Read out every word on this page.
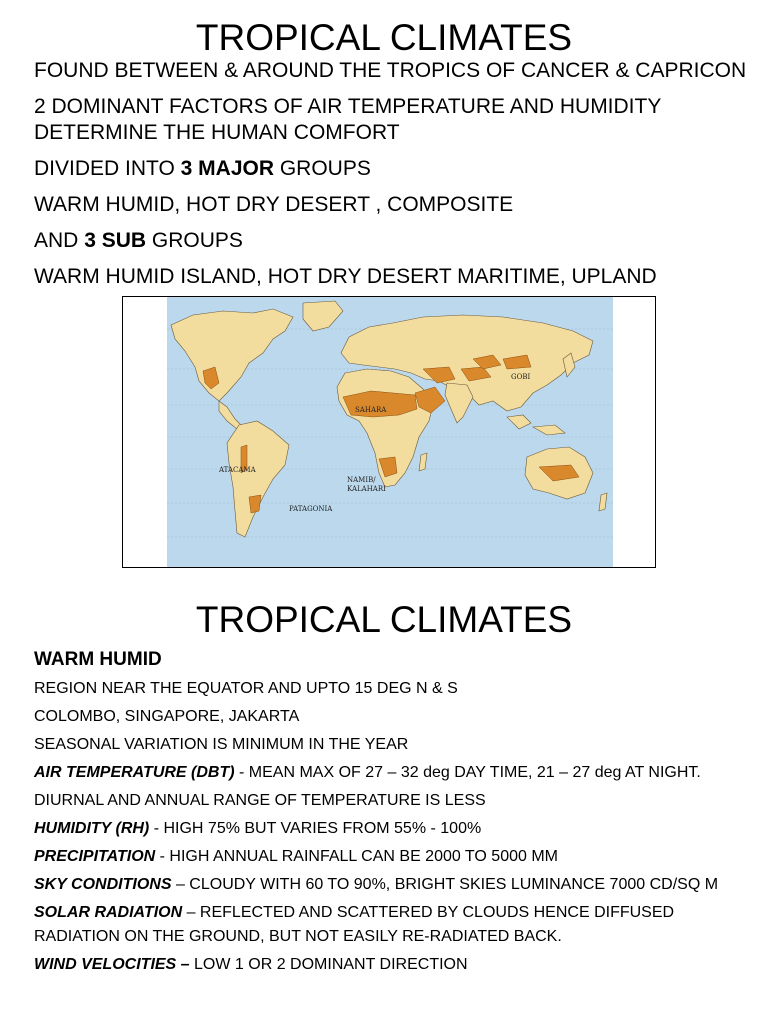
TROPICAL CLIMATES
FOUND BETWEEN & AROUND THE TROPICS OF CANCER & CAPRICON
2 DOMINANT FACTORS OF AIR TEMPERATURE AND HUMIDITY DETERMINE THE HUMAN COMFORT
DIVIDED INTO 3 MAJOR GROUPS
WARM HUMID, HOT DRY DESERT , COMPOSITE
AND 3 SUB GROUPS
WARM HUMID ISLAND, HOT DRY DESERT MARITIME, UPLAND
SAHARA
GOBI
ATACAMA
NAMIB/
KALAHARI
PATAGONIA
TROPICAL CLIMATES
WARM HUMID
REGION NEAR THE EQUATOR AND UPTO 15 DEG N & S
COLOMBO, SINGAPORE, JAKARTA
SEASONAL VARIATION IS MINIMUM IN THE YEAR
AIR TEMPERATURE (DBT) - MEAN MAX OF 27 – 32 deg DAY TIME, 21 – 27 deg AT NIGHT.
DIURNAL AND ANNUAL RANGE OF TEMPERATURE IS LESS
HUMIDITY (RH) - HIGH 75% BUT VARIES FROM 55% - 100%
PRECIPITATION - HIGH ANNUAL RAINFALL CAN BE 2000 TO 5000 MM
SKY CONDITIONS – CLOUDY WITH 60 TO 90%, BRIGHT SKIES LUMINANCE 7000 CD/SQ M
SOLAR RADIATION – REFLECTED AND SCATTERED BY CLOUDS HENCE DIFFUSED RADIATION ON THE GROUND, BUT NOT EASILY RE-RADIATED BACK.
WIND VELOCITIES – LOW 1 OR 2 DOMINANT DIRECTION
